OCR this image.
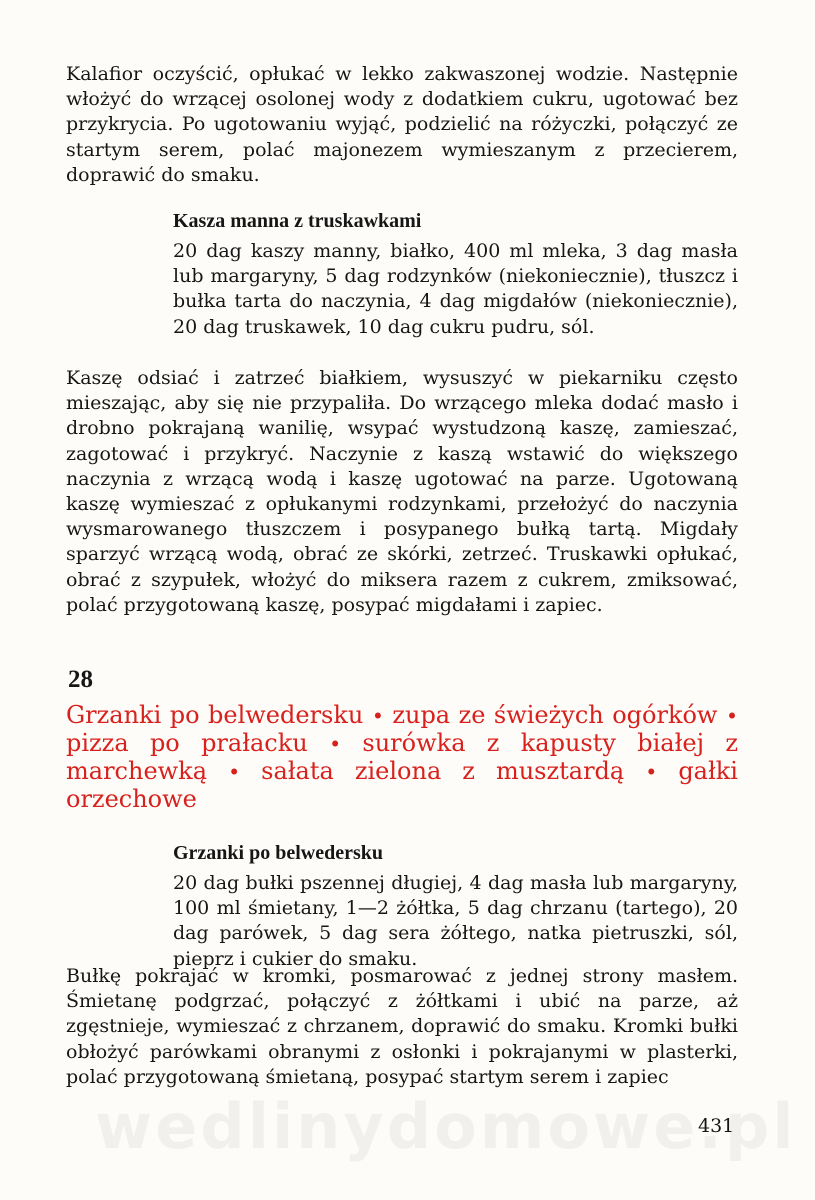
Kalafior oczyścić, opłukać w lekko zakwaszonej wodzie. Następnie włożyć do wrzącej osolonej wody z dodatkiem cukru, ugotować bez przykrycia. Po ugotowaniu wyjąć, podzielić na różyczki, połączyć ze startym serem, polać majonezem wymieszanym z przecierem, doprawić do smaku.

Kasza manna z truskawkami

20 dag kaszy manny, białko, 400 ml mleka, 3 dag masła lub margaryny, 5 dag rodzynków (niekoniecznie), tłuszcz i bułka tarta do naczynia, 4 dag migdałów (niekoniecznie), 20 dag truskawek, 10 dag cukru pudru, sól.

Kaszę odsiać i zatrzeć białkiem, wysuszyć w piekarniku często mieszając, aby się nie przypaliła. Do wrzącego mleka dodać masło i drobno pokrajaną wanilię, wsypać wystudzoną kaszę, zamieszać, zagotować i przykryć. Naczynie z kaszą wstawić do większego naczynia z wrzącą wodą i kaszę ugotować na parze. Ugotowaną kaszę wymieszać z opłukanymi rodzynkami, przełożyć do naczynia wysmarowanego tłuszczem i posypanego bułką tartą. Migdały sparzyć wrzącą wodą, obrać ze skórki, zetrzeć. Truskawki opłukać, obrać z szypułek, włożyć do miksera razem z cukrem, zmiksować, polać przygotowaną kaszę, posypać migdałami i zapiec.

28
Grzanki po belwedersku • zupa ze świeżych ogórków • pizza po prałacku • surówka z kapusty białej z marchewką • sałata zielona z musztardą • gałki orzechowe
Grzanki po belwedersku

20 dag bułki pszennej długiej, 4 dag masła lub margaryny, 100 ml śmietany, 1—2 żółtka, 5 dag chrzanu (tartego), 20 dag parówek, 5 dag sera żółtego, natka pietruszki, sól, pieprz i cukier do smaku.

Bułkę pokrajać w kromki, posmarować z jednej strony masłem. Śmietanę podgrzać, połączyć z żółtkami i ubić na parze, aż zgęstnieje, wymieszać z chrzanem, doprawić do smaku. Kromki bułki obłożyć parówkami obranymi z osłonki i pokrajanymi w plasterki, polać przygotowaną śmietaną, posypać startym serem i zapiec

431
